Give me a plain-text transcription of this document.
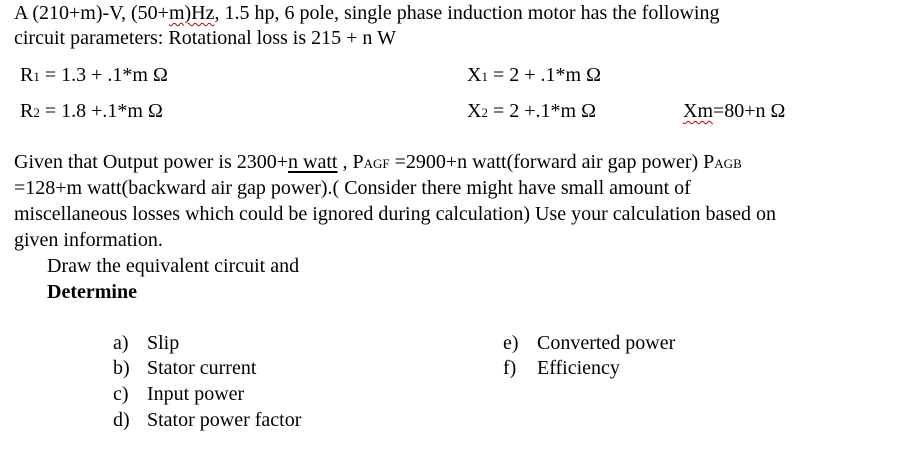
A (210+m)-V, (50+m)Hz, 1.5 hp, 6 pole, single phase induction motor has the following
circuit parameters: Rotational loss is 215 + n W
R1 = 1.3 + .1*m Ω	X1 = 2 + .1*m Ω
R2 = 1.8 +.1*m Ω	X2 = 2 +.1*m Ω	Xm=80+n Ω
Given that Output power is 2300+n watt , PAGF =2900+n watt(forward air gap power) PAGB
=128+m watt(backward air gap power).( Consider there might have small amount of
miscellaneous losses which could be ignored during calculation) Use your calculation based on
given information.
Draw the equivalent circuit and
Determine
a) Slip
b) Stator current
c) Input power
d) Stator power factor
e) Converted power
f) Efficiency
